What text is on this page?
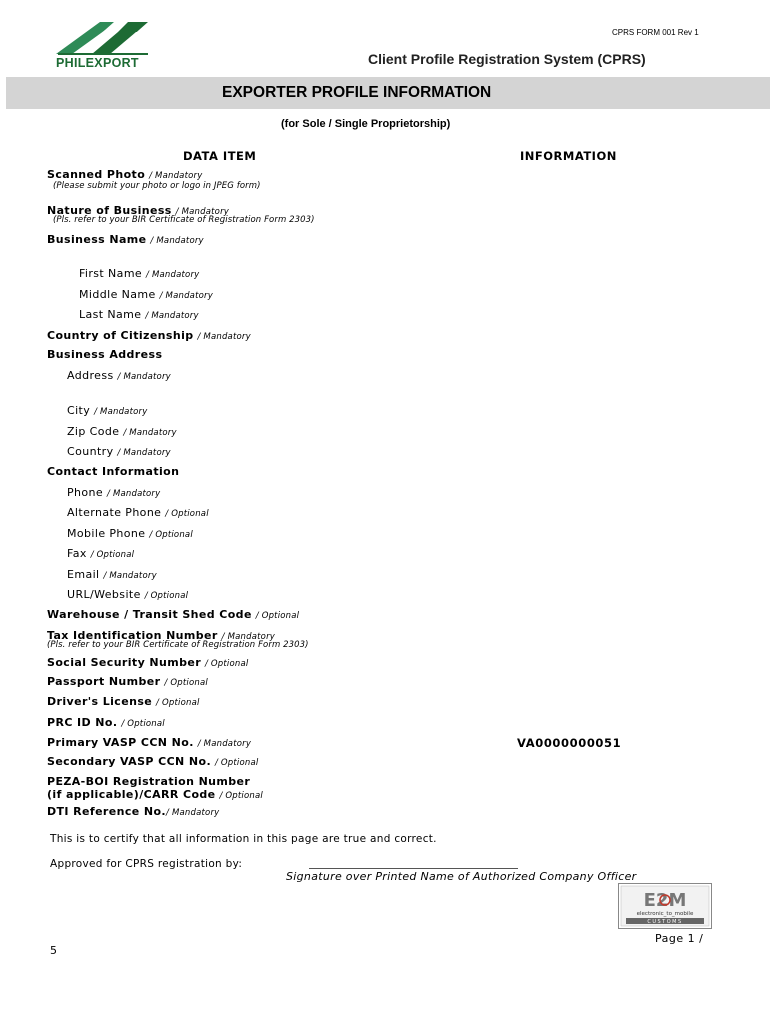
CPRS FORM 001 Rev 1
PHILEXPORT	Client Profile Registration System (CPRS)
EXPORTER PROFILE INFORMATION
(for Sole / Single Proprietorship)
DATA ITEM	INFORMATION
Scanned Photo / Mandatory
(Please submit your photo or logo in JPEG form)
Nature of Business / Mandatory
(Pls. refer to your BIR Certificate of Registration Form 2303)
Business Name / Mandatory
First Name / Mandatory
Middle Name / Mandatory
Last Name / Mandatory
Country of Citizenship / Mandatory
Business Address
Address / Mandatory
City / Mandatory
Zip Code / Mandatory
Country / Mandatory
Contact Information
Phone / Mandatory
Alternate Phone / Optional
Mobile Phone / Optional
Fax / Optional
Email / Mandatory
URL/Website / Optional
Warehouse / Transit Shed Code / Optional
Tax Identification Number / Mandatory
(Pls. refer to your BIR Certificate of Registration Form 2303)
Social Security Number / Optional
Passport Number / Optional
Driver's License / Optional
PRC ID No. / Optional
Primary VASP CCN No. / Mandatory	VA0000000051
Secondary VASP CCN No. / Optional
PEZA-BOI Registration Number
(if applicable)/CARR Code / Optional
DTI Reference No./ Mandatory
This is to certify that all information in this page are true and correct.
Approved for CPRS registration by:
Signature over Printed Name of Authorized Company Officer
E2M
electronic_to_mobile
CUSTOMS
Page 1 /
5
